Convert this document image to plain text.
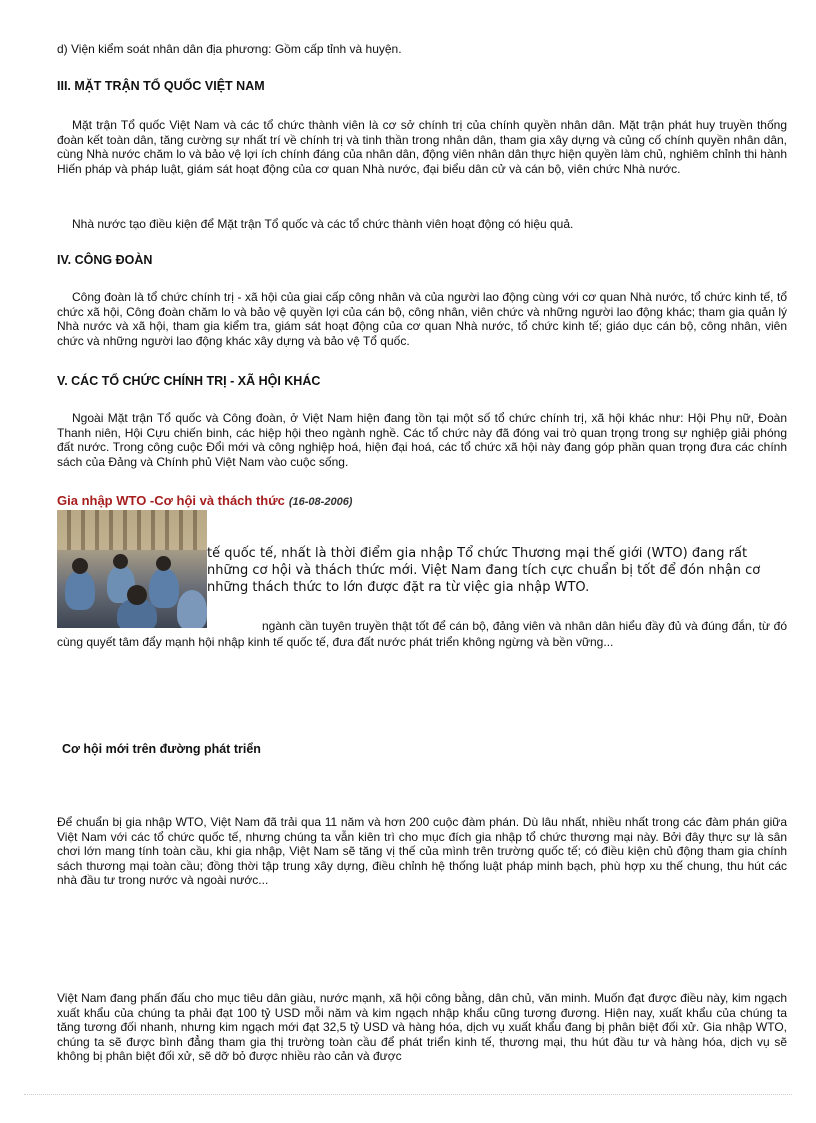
d) Viện kiểm soát nhân dân địa phương: Gồm cấp tỉnh và huyện.
III. MẶT TRẬN TỔ QUỐC VIỆT NAM
Mặt trận Tổ quốc Việt Nam và các tổ chức thành viên là cơ sở chính trị của chính quyền nhân dân. Mặt trận phát huy truyền thống đoàn kết toàn dân, tăng cường sự nhất trí về chính trị và tinh thần trong nhân dân, tham gia xây dựng và củng cố chính quyền nhân dân, cùng Nhà nước chăm lo và bảo vệ lợi ích chính đáng của nhân dân, động viên nhân dân thực hiện quyền làm chủ, nghiêm chỉnh thi hành Hiến pháp và pháp luật, giám sát hoạt động của cơ quan Nhà nước, đại biểu dân cử và cán bộ, viên chức Nhà nước.
Nhà nước tạo điều kiện để Mặt trận Tổ quốc và các tổ chức thành viên hoạt động có hiệu quả.
IV. CÔNG ĐOÀN
Công đoàn là tổ chức chính trị - xã hội của giai cấp công nhân và của người lao động cùng với cơ quan Nhà nước, tổ chức kinh tế, tổ chức xã hội, Công đoàn chăm lo và bảo vệ quyền lợi của cán bộ, công nhân, viên chức và những người lao động khác; tham gia quản lý Nhà nước và xã hội, tham gia kiểm tra, giám sát hoạt động của cơ quan Nhà nước, tổ chức kinh tế; giáo dục cán bộ, công nhân, viên chức và những người lao động khác xây dựng và bảo vệ Tổ quốc.
V. CÁC TỔ CHỨC CHÍNH TRỊ - XÃ HỘI KHÁC
Ngoài Mặt trận Tổ quốc và Công đoàn, ở Việt Nam hiện đang tồn tại một số tổ chức chính trị, xã hội khác như: Hội Phụ nữ, Đoàn Thanh niên, Hội Cựu chiến binh, các hiệp hội theo ngành nghề. Các tổ chức này đã đóng vai trò quan trọng trong sự nghiệp giải phóng đất nước. Trong công cuộc Đổi mới và công nghiệp hoá, hiện đại hoá, các tổ chức xã hội này đang góp phần quan trọng đưa các chính sách của Đảng và Chính phủ Việt Nam vào cuộc sống.
Gia nhập WTO -Cơ hội và thách thức (16-08-2006)
tế quốc tế, nhất là thời điểm gia nhập Tổ chức Thương mại thế giới (WTO) đang rất
những cơ hội và thách thức mới. Việt Nam đang tích cực chuẩn bị tốt để đón nhận cơ
những thách thức to lớn được đặt ra từ việc gia nhập WTO.
ngành cần tuyên truyền thật tốt để cán bộ, đảng viên và nhân dân hiểu đầy đủ và đúng đắn, từ đó cùng quyết tâm đẩy mạnh hội nhập kinh tế quốc tế, đưa đất nước phát triển không ngừng và bền vững...
Cơ hội mới trên đường phát triển
Để chuẩn bị gia nhập WTO, Việt Nam đã trải qua 11 năm và hơn 200 cuộc đàm phán. Dù lâu nhất, nhiều nhất trong các đàm phán giữa Việt Nam với các tổ chức quốc tế, nhưng chúng ta vẫn kiên trì cho mục đích gia nhập tổ chức thương mại này. Bởi đây thực sự là sân chơi lớn mang tính toàn cầu, khi gia nhập, Việt Nam sẽ tăng vị thế của mình trên trường quốc tế; có điều kiện chủ động tham gia chính sách thương mại toàn cầu; đồng thời tập trung xây dựng, điều chỉnh hệ thống luật pháp minh bạch, phù hợp xu thế chung, thu hút các nhà đầu tư trong nước và ngoài nước...
Việt Nam đang phấn đấu cho mục tiêu dân giàu, nước mạnh, xã hội công bằng, dân chủ, văn minh. Muốn đạt được điều này, kim ngạch xuất khẩu của chúng ta phải đạt 100 tỷ USD mỗi năm và kim ngạch nhập khẩu cũng tương đương. Hiện nay, xuất khẩu của chúng ta tăng tương đối nhanh, nhưng kim ngạch mới đạt 32,5 tỷ USD và hàng hóa, dịch vụ xuất khẩu đang bị phân biệt đối xử. Gia nhập WTO, chúng ta sẽ được bình đẳng tham gia thị trường toàn cầu để phát triển kinh tế, thương mại, thu hút đầu tư và hàng hóa, dịch vụ sẽ không bị phân biệt đối xử, sẽ dỡ bỏ được nhiều rào cản và được
